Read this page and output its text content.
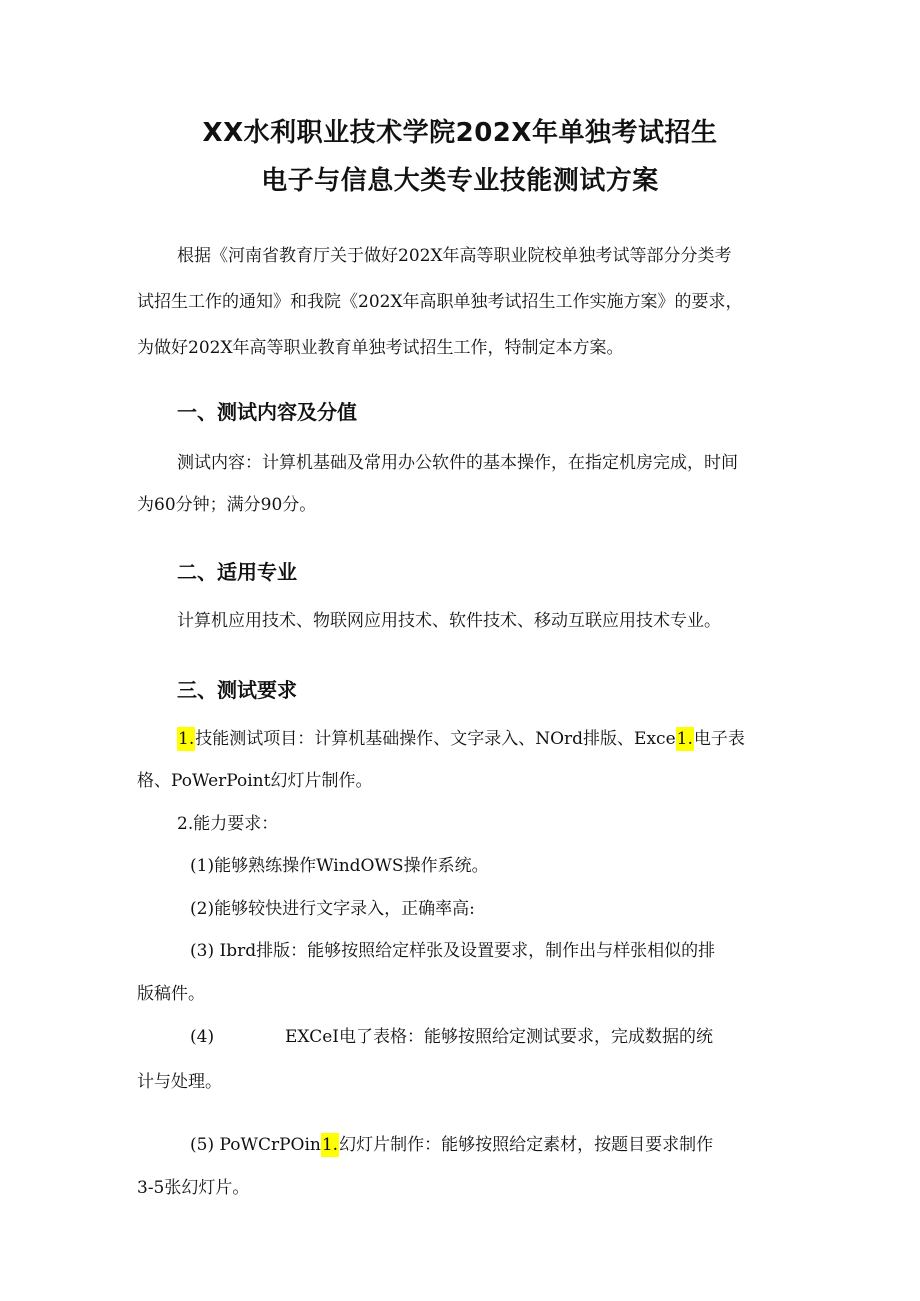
XX水利职业技术学院202X年单独考试招生
电子与信息大类专业技能测试方案
根据《河南省教育厅关于做好202X年高等职业院校单独考试等部分分类考
试招生工作的通知》和我院《202X年高职单独考试招生工作实施方案》的要求，
为做好202X年高等职业教育单独考试招生工作，特制定本方案。
一、测试内容及分值
测试内容：计算机基础及常用办公软件的基本操作，在指定机房完成，时间
为60分钟；满分90分。
二、适用专业
计算机应用技术、物联网应用技术、软件技术、移动互联应用技术专业。
三、测试要求
1.技能测试项目：计算机基础操作、文字录入、NOrd排版、Exce1.电子表
格、PoWerPoint幻灯片制作。
2.能力要求：
(1)能够熟练操作WindOWS操作系统。
(2)能够较快进行文字录入，正确率高:
(3) Ibrd排版：能够按照给定样张及设置要求，制作出与样张相似的排
版稿件。
(4)	EXCeI电了表格：能够按照给定测试要求，完成数据的统
计与处理。
(5) PoWCrPOin1.幻灯片制作：能够按照给定素材，按题目要求制作
3-5张幻灯片。
